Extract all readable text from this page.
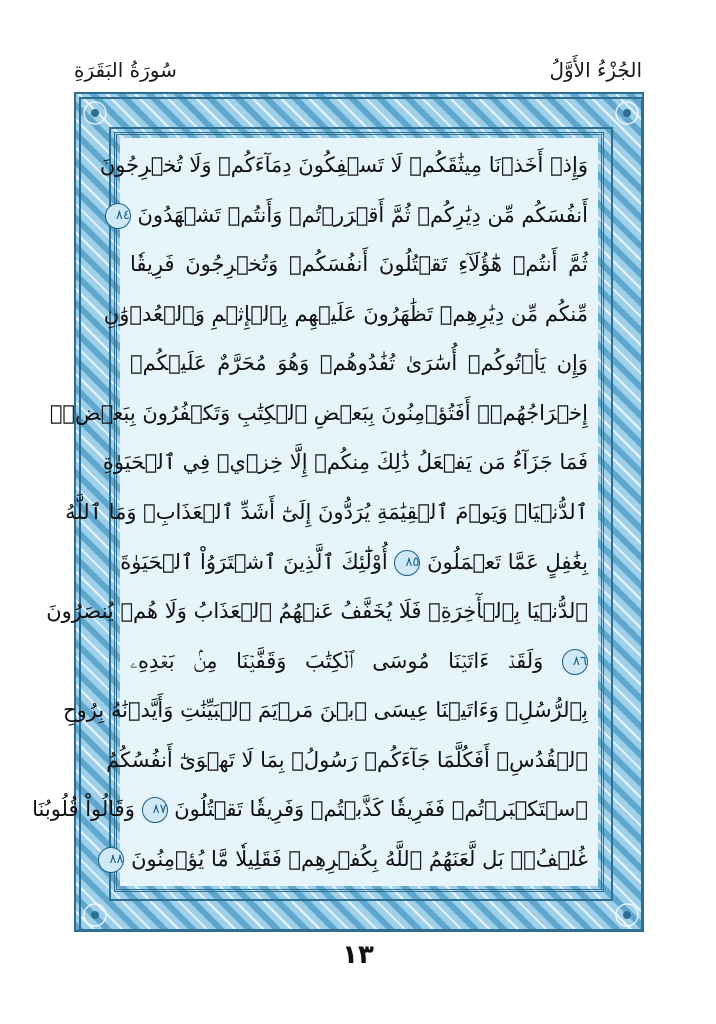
سُورَةُ البَقَرَةِ	الجُزْءُ الأَوَّلُ
وَإِذۡ أَخَذۡنَا مِيثَٰقَكُمۡ لَا تَسۡفِكُونَ دِمَآءَكُمۡ وَلَا تُخۡرِجُونَ
أَنفُسَكُم مِّن دِيَٰرِكُمۡ ثُمَّ أَقۡرَرۡتُمۡ وَأَنتُمۡ تَشۡهَدُونَ ٨٤
ثُمَّ أَنتُمۡ هَٰٓؤُلَآءِ تَقۡتُلُونَ أَنفُسَكُمۡ وَتُخۡرِجُونَ فَرِيقٗا
مِّنكُم مِّن دِيَٰرِهِمۡ تَظَٰهَرُونَ عَلَيۡهِم بِٱلۡإِثۡمِ وَٱلۡعُدۡوَٰنِ
وَإِن يَأۡتُوكُمۡ أُسَٰرَىٰ تُفَٰدُوهُمۡ وَهُوَ مُحَرَّمٌ عَلَيۡكُمۡ
إِخۡرَاجُهُمۡۚ أَفَتُؤۡمِنُونَ بِبَعۡضِ ٱلۡكِتَٰبِ وَتَكۡفُرُونَ بِبَعۡضٖۚ
فَمَا جَزَآءُ مَن يَفۡعَلُ ذَٰلِكَ مِنكُمۡ إِلَّا خِزۡيٞ فِي ٱلۡحَيَوٰةِ
ٱلدُّنۡيَاۖ وَيَوۡمَ ٱلۡقِيَٰمَةِ يُرَدُّونَ إِلَىٰٓ أَشَدِّ ٱلۡعَذَابِۗ وَمَا ٱللَّهُ
بِغَٰفِلٍ عَمَّا تَعۡمَلُونَ ٨٥ أُوْلَٰٓئِكَ ٱلَّذِينَ ٱشۡتَرَوُاْ ٱلۡحَيَوٰةَ
ٱلدُّنۡيَا بِٱلۡأٓخِرَةِۖ فَلَا يُخَفَّفُ عَنۡهُمُ ٱلۡعَذَابُ وَلَا هُمۡ يُنصَرُونَ
٨٦ وَلَقَدۡ ءَاتَيۡنَا مُوسَى ٱلۡكِتَٰبَ وَقَفَّيۡنَا مِنۢ بَعۡدِهِۦ
بِٱلرُّسُلِۖ وَءَاتَيۡنَا عِيسَى ٱبۡنَ مَرۡيَمَ ٱلۡبَيِّنَٰتِ وَأَيَّدۡنَٰهُ بِرُوحِ
ٱلۡقُدُسِۗ أَفَكُلَّمَا جَآءَكُمۡ رَسُولُۢ بِمَا لَا تَهۡوَىٰٓ أَنفُسُكُمُ
ٱسۡتَكۡبَرۡتُمۡ فَفَرِيقٗا كَذَّبۡتُمۡ وَفَرِيقٗا تَقۡتُلُونَ ٨٧ وَقَالُواْ قُلُوبُنَا
غُلۡفُۢۚ بَل لَّعَنَهُمُ ٱللَّهُ بِكُفۡرِهِمۡ فَقَلِيلٗا مَّا يُؤۡمِنُونَ ٨٨
١٣
